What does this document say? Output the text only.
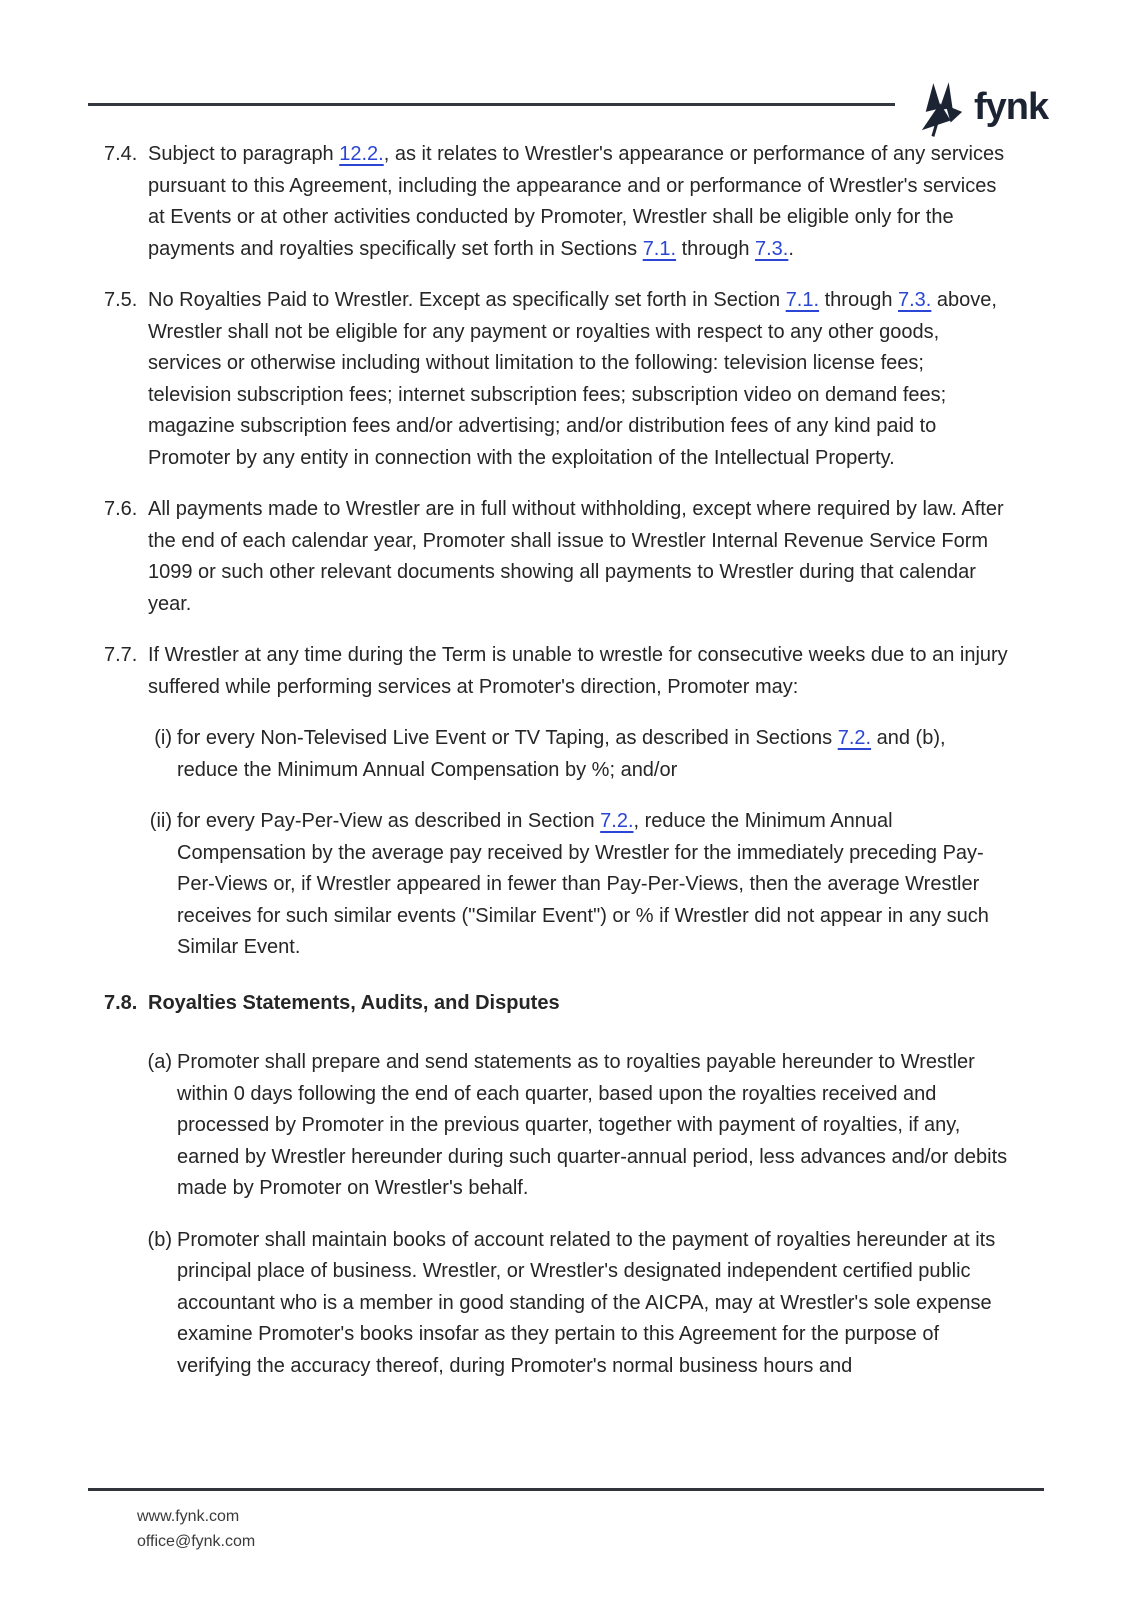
fynk
7.4. Subject to paragraph 12.2., as it relates to Wrestler's appearance or performance of any services pursuant to this Agreement, including the appearance and or performance of Wrestler's services at Events or at other activities conducted by Promoter, Wrestler shall be eligible only for the payments and royalties specifically set forth in Sections 7.1. through 7.3..

7.5. No Royalties Paid to Wrestler. Except as specifically set forth in Section 7.1. through 7.3. above, Wrestler shall not be eligible for any payment or royalties with respect to any other goods, services or otherwise including without limitation to the following: television license fees; television subscription fees; internet subscription fees; subscription video on demand fees; magazine subscription fees and/or advertising; and/or distribution fees of any kind paid to Promoter by any entity in connection with the exploitation of the Intellectual Property.

7.6. All payments made to Wrestler are in full without withholding, except where required by law. After the end of each calendar year, Promoter shall issue to Wrestler Internal Revenue Service Form 1099 or such other relevant documents showing all payments to Wrestler during that calendar year.

7.7. If Wrestler at any time during the Term is unable to wrestle for consecutive weeks due to an injury suffered while performing services at Promoter's direction, Promoter may:

(i) for every Non-Televised Live Event or TV Taping, as described in Sections 7.2. and (b), reduce the Minimum Annual Compensation by %; and/or

(ii) for every Pay-Per-View as described in Section 7.2., reduce the Minimum Annual Compensation by the average pay received by Wrestler for the immediately preceding Pay-Per-Views or, if Wrestler appeared in fewer than Pay-Per-Views, then the average Wrestler receives for such similar events ("Similar Event") or % if Wrestler did not appear in any such Similar Event.

7.8. Royalties Statements, Audits, and Disputes

(a) Promoter shall prepare and send statements as to royalties payable hereunder to Wrestler within 0 days following the end of each quarter, based upon the royalties received and processed by Promoter in the previous quarter, together with payment of royalties, if any, earned by Wrestler hereunder during such quarter-annual period, less advances and/or debits made by Promoter on Wrestler's behalf.

(b) Promoter shall maintain books of account related to the payment of royalties hereunder at its principal place of business. Wrestler, or Wrestler's designated independent certified public accountant who is a member in good standing of the AICPA, may at Wrestler's sole expense examine Promoter's books insofar as they pertain to this Agreement for the purpose of verifying the accuracy thereof, during Promoter's normal business hours and

www.fynk.com
office@fynk.com
